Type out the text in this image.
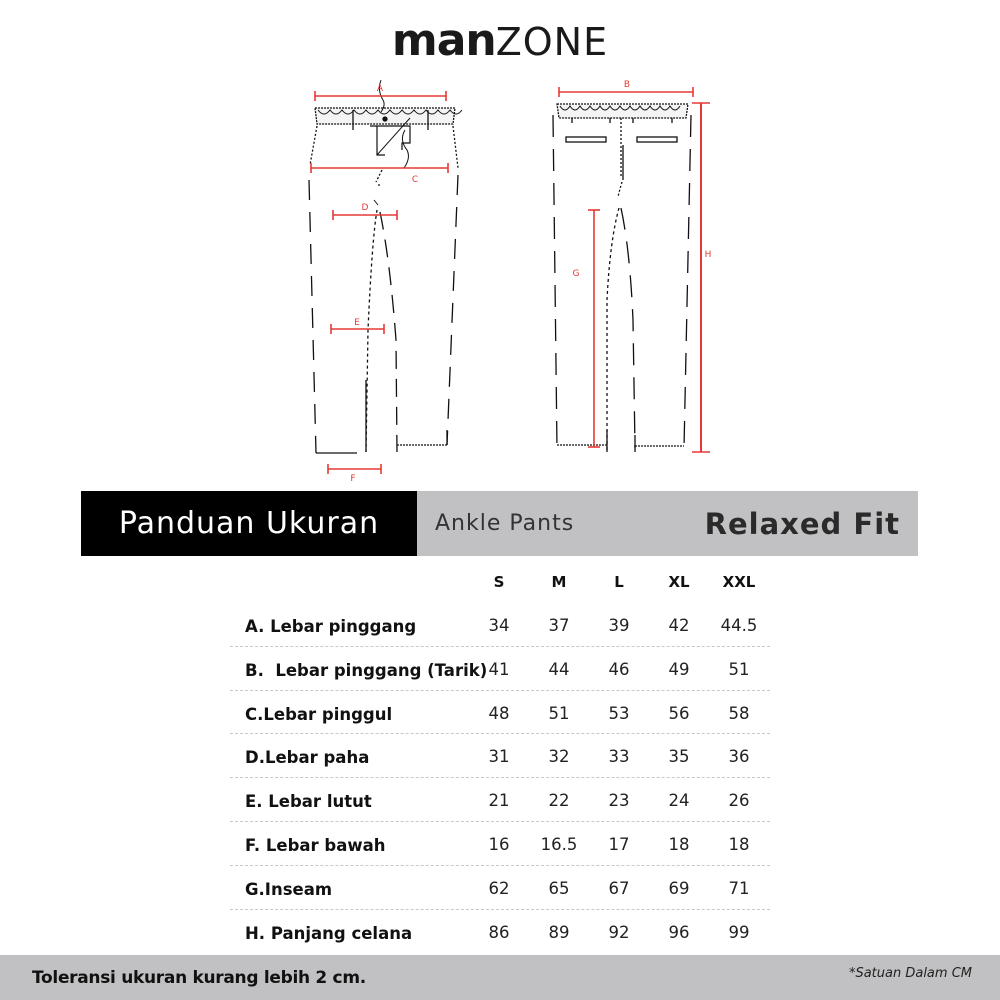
manZONE
A
C
D
E
F
B
G
H
Panduan Ukuran	Ankle Pants	Relaxed Fit
S	M	L	XL	XXL
A. Lebar pinggang	34	37	39	42	44.5
B.  Lebar pinggang (Tarik) 41	44	46	49	51
C.Lebar pinggul	48	51	53	56	58
D.Lebar paha	31	32	33	35	36
E. Lebar lutut	21	22	23	24	26
F. Lebar bawah	16	16.5	17	18	18
G.Inseam	62	65	67	69	71
H. Panjang celana	86	89	92	96	99
Toleransi ukuran kurang lebih 2 cm.	*Satuan Dalam CM
